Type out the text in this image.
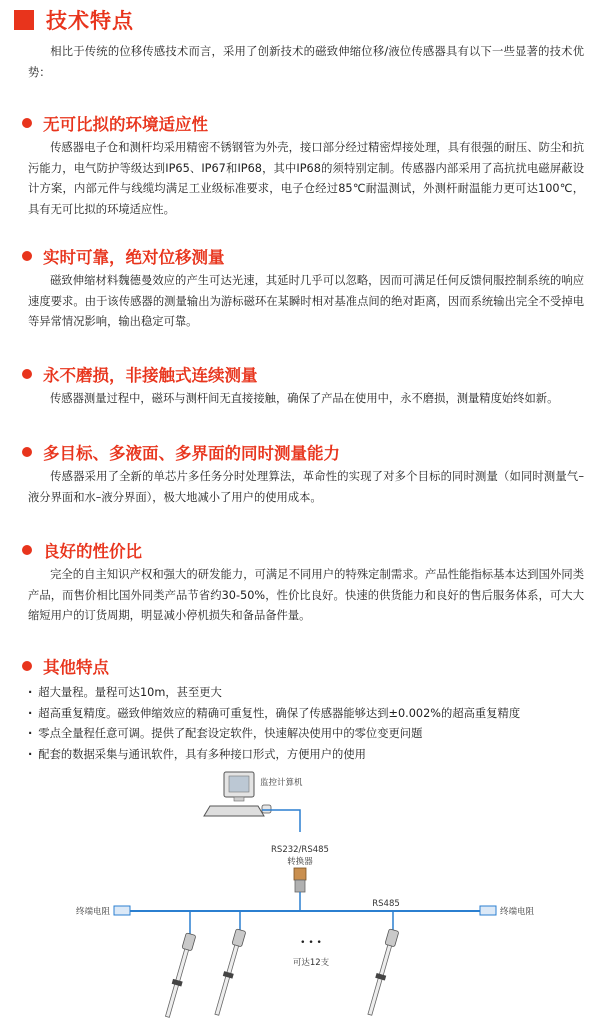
技术特点

相比于传统的位移传感技术而言，采用了创新技术的磁致伸缩位移/液位传感器具有以下一些显著的技术优势：

无可比拟的环境适应性

传感器电子仓和测杆均采用精密不锈钢管为外壳，接口部分经过精密焊接处理，具有很强的耐压、防尘和抗污能力，电气防护等级达到IP65、IP67和IP68，其中IP68的须特别定制。传感器内部采用了高抗扰电磁屏蔽设计方案，内部元件与线缆均满足工业级标准要求，电子仓经过85℃耐温测试，外测杆耐温能力更可达100℃，具有无可比拟的环境适应性。

实时可靠，绝对位移测量

磁致伸缩材料魏德曼效应的产生可达光速，其延时几乎可以忽略，因而可满足任何反馈伺服控制系统的响应速度要求。由于该传感器的测量输出为游标磁环在某瞬时相对基准点间的绝对距离，因而系统输出完全不受掉电等异常情况影响，输出稳定可靠。

永不磨损，非接触式连续测量

传感器测量过程中，磁环与测杆间无直接接触，确保了产品在使用中，永不磨损，测量精度始终如新。

多目标、多液面、多界面的同时测量能力

传感器采用了全新的单芯片多任务分时处理算法，革命性的实现了对多个目标的同时测量（如同时测量气–液分界面和水–液分界面），极大地减小了用户的使用成本。

良好的性价比

完全的自主知识产权和强大的研发能力，可满足不同用户的特殊定制需求。产品性能指标基本达到国外同类产品，而售价相比国外同类产品节省约30-50%，性价比良好。快速的供货能力和良好的售后服务体系，可大大缩短用户的订货周期，明显减小停机损失和备品备件量。

其他特点
· 超大量程。量程可达10m，甚至更大
· 超高重复精度。磁致伸缩效应的精确可重复性，确保了传感器能够达到±0.002%的超高重复精度
· 零点全量程任意可调。提供了配套设定软件，快速解决使用中的零位变更问题
· 配套的数据采集与通讯软件，具有多种接口形式，方便用户的使用
监控计算机
RS232/RS485
转换器
RS485
终端电阻	终端电阻
• • •
可达12支
